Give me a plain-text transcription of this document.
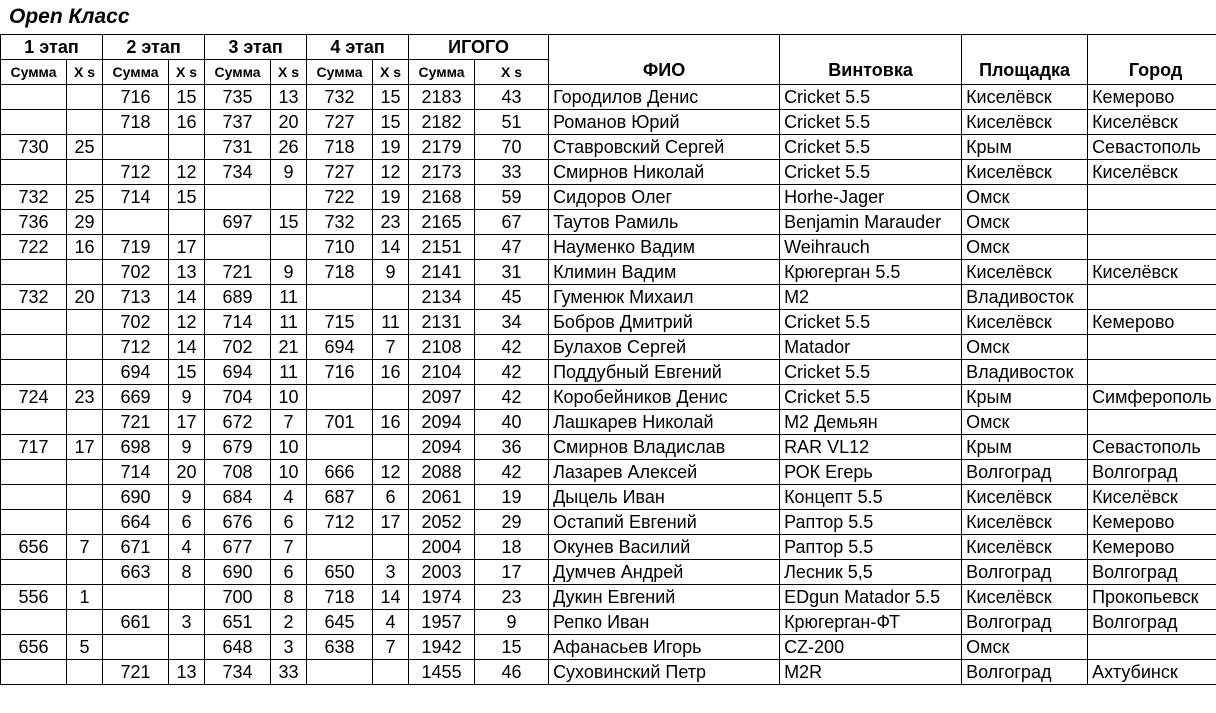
Open Класс
1 этап		2 этап		3 этап		4 этап		ИГОГО		ФИО	Винтовка	Площадка	Город
Сумма	X s	Сумма	X s	Сумма	X s	Сумма	X s	Сумма	X s				
		716	15	735	13	732	15	2183	43	Городилов Денис	Cricket 5.5	Киселёвск	Кемерово
		718	16	737	20	727	15	2182	51	Романов Юрий	Cricket 5.5	Киселёвск	Киселёвск
730	25			731	26	718	19	2179	70	Ставровский Сергей	Cricket 5.5	Крым	Севастополь
		712	12	734	9	727	12	2173	33	Смирнов Николай	Cricket 5.5	Киселёвск	Киселёвск
732	25	714	15			722	19	2168	59	Сидоров Олег	Horhe-Jager	Омск	
736	29			697	15	732	23	2165	67	Таутов Рамиль	Benjamin Marauder	Омск	
722	16	719	17			710	14	2151	47	Науменко Вадим	Weihrauch	Омск	
		702	13	721	9	718	9	2141	31	Климин Вадим	Крюгерган 5.5	Киселёвск	Киселёвск
732	20	713	14	689	11			2134	45	Гуменюк Михаил	M2	Владивосток	
		702	12	714	11	715	11	2131	34	Бобров Дмитрий	Cricket 5.5	Киселёвск	Кемерово
		712	14	702	21	694	7	2108	42	Булахов Сергей	Matador	Омск	
		694	15	694	11	716	16	2104	42	Поддубный Евгений	Cricket 5.5	Владивосток	
724	23	669	9	704	10			2097	42	Коробейников Денис	Cricket 5.5	Крым	Симферополь
		721	17	672	7	701	16	2094	40	Лашкарев Николай	M2 Демьян	Омск	
717	17	698	9	679	10			2094	36	Смирнов Владислав	RAR VL12	Крым	Севастополь
		714	20	708	10	666	12	2088	42	Лазарев Алексей	РОК Егерь	Волгоград	Волгоград
		690	9	684	4	687	6	2061	19	Дыцель Иван	Концепт 5.5	Киселёвск	Киселёвск
		664	6	676	6	712	17	2052	29	Остапий Евгений	Раптор 5.5	Киселёвск	Кемерово
656	7	671	4	677	7			2004	18	Окунев Василий	Раптор 5.5	Киселёвск	Кемерово
		663	8	690	6	650	3	2003	17	Думчев Андрей	Лесник 5,5	Волгоград	Волгоград
556	1			700	8	718	14	1974	23	Дукин Евгений	EDgun Matador 5.5	Киселёвск	Прокопьевск
		661	3	651	2	645	4	1957	9	Репко Иван	Крюгерган-ФТ	Волгоград	Волгоград
656	5			648	3	638	7	1942	15	Афанасьев Игорь	CZ-200	Омск	
		721	13	734	33			1455	46	Суховинский Петр	M2R	Волгоград	Ахтубинск
